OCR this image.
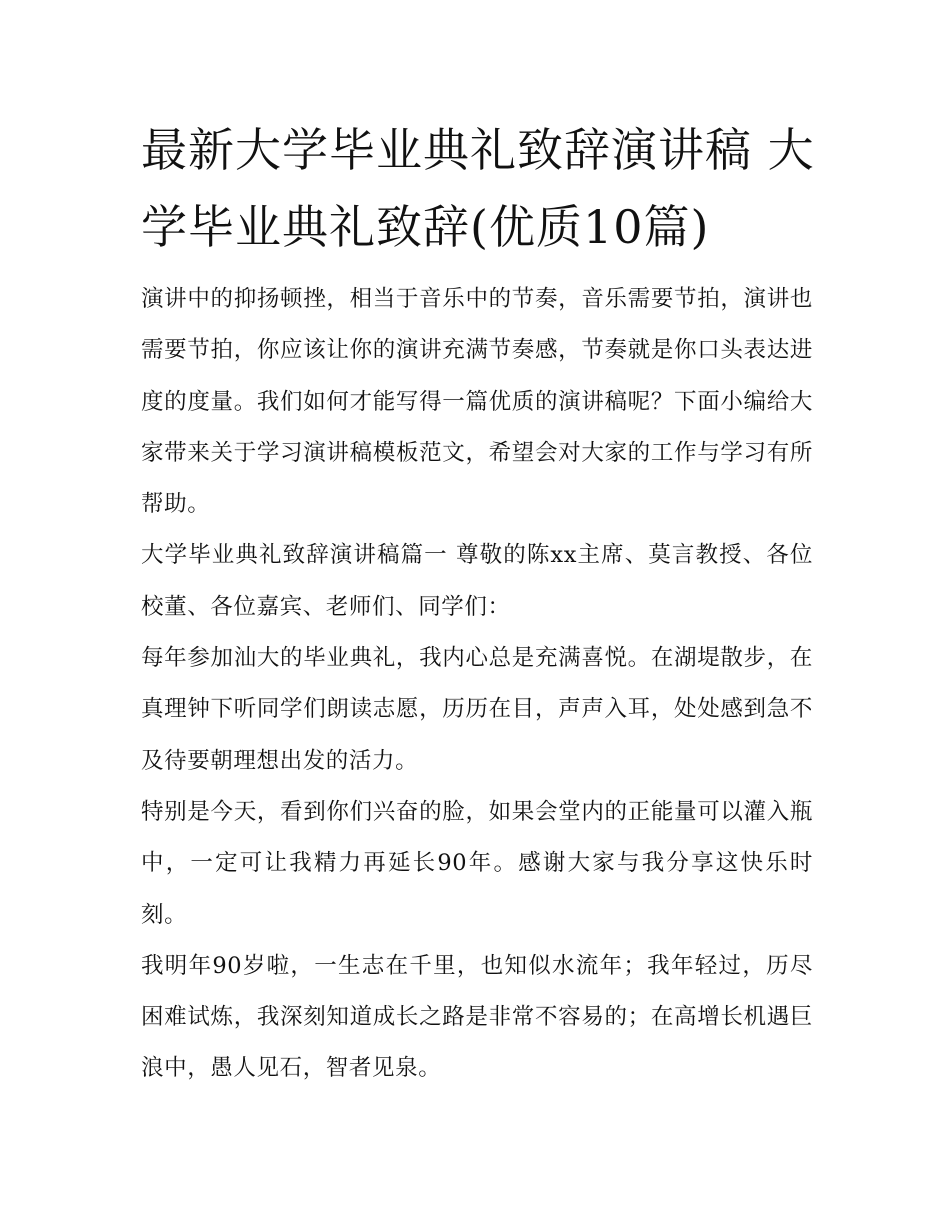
最新大学毕业典礼致辞演讲稿 大学毕业典礼致辞(优质10篇)

演讲中的抑扬顿挫，相当于音乐中的节奏，音乐需要节拍，演讲也需要节拍，你应该让你的演讲充满节奏感，节奏就是你口头表达进度的度量。我们如何才能写得一篇优质的演讲稿呢？下面小编给大家带来关于学习演讲稿模板范文，希望会对大家的工作与学习有所帮助。

大学毕业典礼致辞演讲稿篇一 尊敬的陈xx主席、莫言教授、各位校董、各位嘉宾、老师们、同学们：

每年参加汕大的毕业典礼，我内心总是充满喜悦。在湖堤散步，在真理钟下听同学们朗读志愿，历历在目，声声入耳，处处感到急不及待要朝理想出发的活力。

特别是今天，看到你们兴奋的脸，如果会堂内的正能量可以灌入瓶中，一定可让我精力再延长90年。感谢大家与我分享这快乐时刻。

我明年90岁啦，一生志在千里，也知似水流年；我年轻过，历尽困难试炼，我深刻知道成长之路是非常不容易的；在高增长机遇巨浪中，愚人见石，智者见泉。
